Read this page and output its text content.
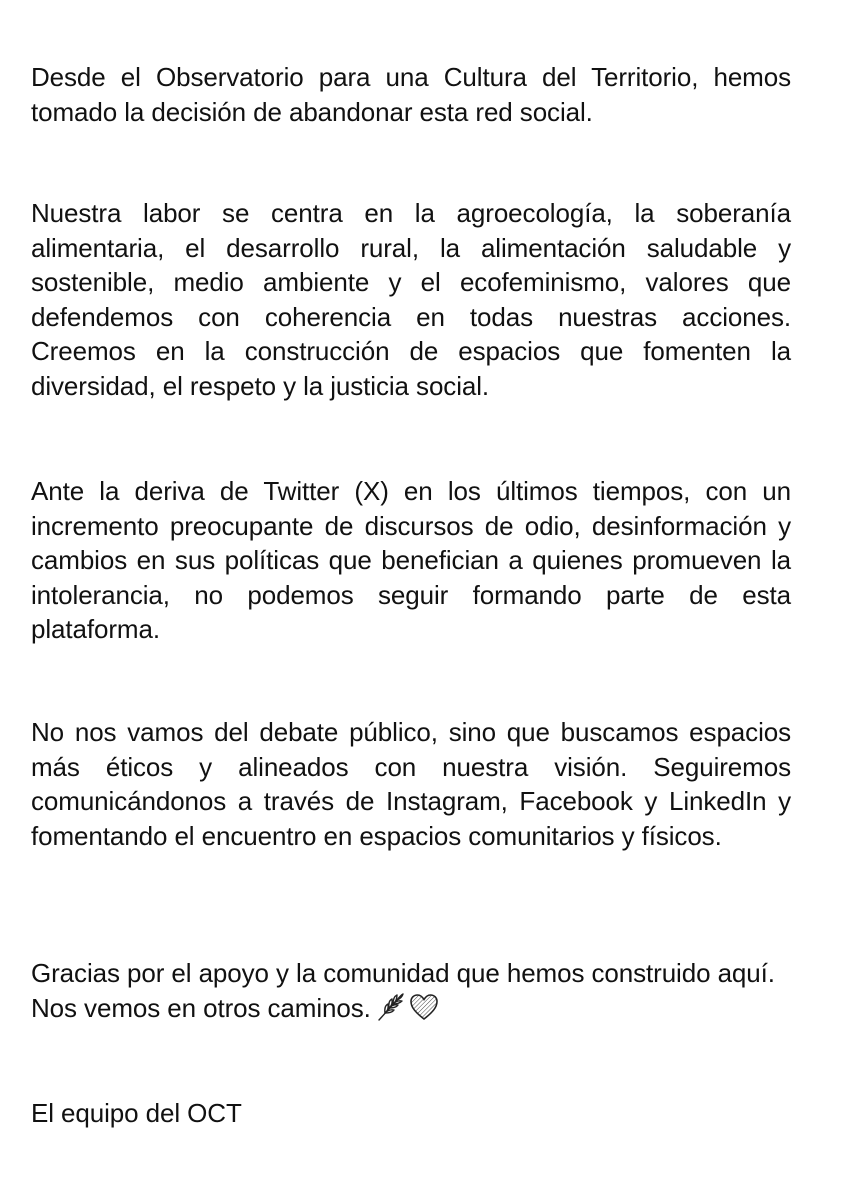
Desde el Observatorio para una Cultura del Territorio, hemos tomado la decisión de abandonar esta red social.

Nuestra labor se centra en la agroecología, la soberanía alimentaria, el desarrollo rural, la alimentación saludable y sostenible, medio ambiente y el ecofeminismo, valores que defendemos con coherencia en todas nuestras acciones. Creemos en la construcción de espacios que fomenten la diversidad, el respeto y la justicia social.

Ante la deriva de Twitter (X) en los últimos tiempos, con un incremento preocupante de discursos de odio, desinformación y cambios en sus políticas que benefician a quienes promueven la intolerancia, no podemos seguir formando parte de esta plataforma.

No nos vamos del debate público, sino que buscamos espacios más éticos y alineados con nuestra visión. Seguiremos comunicándonos a través de Instagram, Facebook y LinkedIn y fomentando el encuentro en espacios comunitarios y físicos.

Gracias por el apoyo y la comunidad que hemos construido aquí. Nos vemos en otros caminos.

El equipo del OCT
